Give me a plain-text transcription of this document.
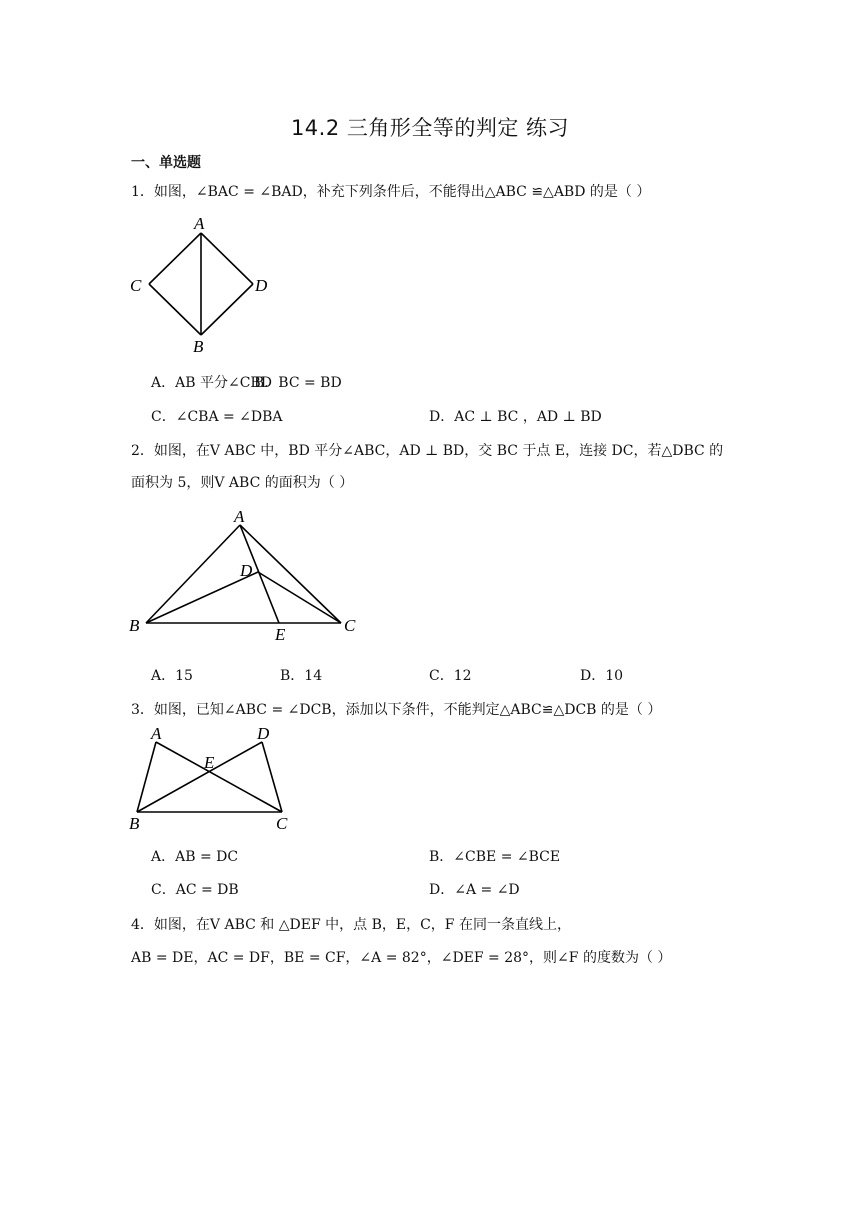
14.2 三角形全等的判定 练习
一、单选题
1．如图，∠BAC = ∠BAD，补充下列条件后，不能得出△ABC ≌△ABD 的是（ ）
A
B
C	D
A．AB 平分∠CBD
B．BC = BD
C．∠CBA = ∠DBA	D．AC ⊥ BC ，AD ⊥ BD
2．如图，在V ABC 中，BD 平分∠ABC，AD ⊥ BD，交 BC 于点 E，连接 DC，若△DBC 的
面积为 5，则V ABC 的面积为（ ）
A
D
B	E	C
A．15	B．14	C．12	D．10
3．如图，已知∠ABC = ∠DCB，添加以下条件，不能判定△ABC≌△DCB 的是（ ）
A	D
E
B	C
A．AB = DC	B．∠CBE = ∠BCE
C．AC = DB	D．∠A = ∠D
4．如图，在V ABC 和 △DEF 中，点 B，E，C，F 在同一条直线上，
AB = DE，AC = DF，BE = CF，∠A = 82°，∠DEF = 28°，则∠F 的度数为（ ）
